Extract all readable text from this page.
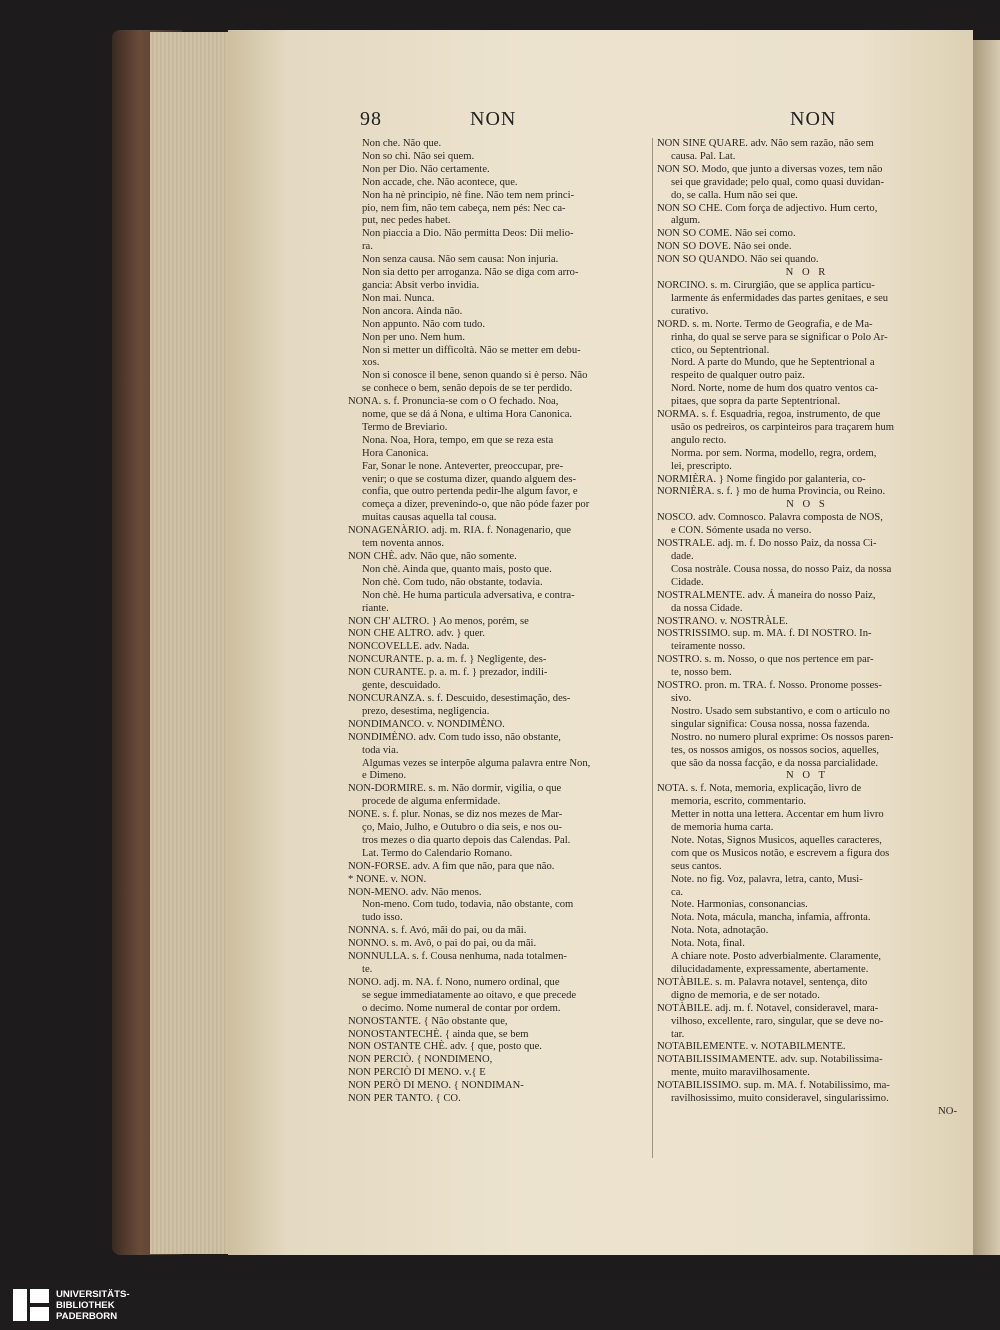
98	NON	NON
Non che. Não que.
Non so chi. Não sei quem.
Non per Dio. Não certamente.
Non accade, che. Não acontece, que.
Non ha nè principio, nè fine. Não tem nem princi-
pio, nem fim, não tem cabeça, nem pés: Nec ca-
put, nec pedes habet.
Non piaccia a Dio. Não permitta Deos: Dii melio-
ra.
Non senza causa. Não sem causa: Non injuria.
Non sia detto per arroganza. Não se diga com arro-
gancia: Absit verbo invidia.
Non mai. Nunca.
Non ancora. Ainda não.
Non appunto. Não com tudo.
Non per uno. Nem hum.
Non si metter un difficoltà. Não se metter em debu-
xos.
Non si conosce il bene, senon quando si è perso. Não
se conhece o bem, senão depois de se ter perdido.
NONA. s. f. Pronuncia-se com o O fechado. Noa,
nome, que se dá á Nona, e ultima Hora Canonica.
Termo de Breviario.
Nona. Noa, Hora, tempo, em que se reza esta
Hora Canonica.
Far, Sonar le none. Anteverter, preoccupar, pre-
venir; o que se costuma dizer, quando alguem des-
confia, que outro pertenda pedir-lhe algum favor, e
começa a dizer, prevenindo-o, que não póde fazer por
muitas causas aquella tal cousa.
NONAGENÀRIO. adj. m. RIA. f. Nonagenario, que
tem noventa annos.
NON CHÈ. adv. Não que, não somente.
Non chè. Ainda que, quanto mais, posto que.
Non chè. Com tudo, não obstante, todavia.
Non chè. He huma particula adversativa, e contra-
riante.
NON CH' ALTRO. } Ao menos, porém, se
NON CHE ALTRO. adv. } quer.
NONCOVELLE. adv. Nada.
NONCURANTE. p. a. m. f. } Negligente, des-
NON CURANTE. p. a. m. f. } prezador, indili-
gente, descuidado.
NONCURANZA. s. f. Descuido, desestimação, des-
prezo, desestima, negligencia.
NONDIMANCO. v. NONDIMÈNO.
NONDIMÈNO. adv. Com tudo isso, não obstante,
toda via.
Algumas vezes se interpõe alguma palavra entre Non,
e Dimeno.
NON-DORMIRE. s. m. Não dormir, vigilia, o que
procede de alguma enfermidade.
NONE. s. f. plur. Nonas, se diz nos mezes de Mar-
ço, Maio, Julho, e Outubro o dia seis, e nos ou-
tros mezes o dia quarto depois das Calendas. Pal.
Lat. Termo do Calendario Romano.
NON-FORSE. adv. A fim que não, para que não.
* NONE. v. NON.
NON-MENO. adv. Não menos.
Non-meno. Com tudo, todavia, não obstante, com
tudo isso.
NONNA. s. f. Avó, mãi do pai, ou da mãi.
NONNO. s. m. Avô, o pai do pai, ou da mãi.
NONNULLA. s. f. Cousa nenhuma, nada totalmen-
te.
NONO. adj. m. NA. f. Nono, numero ordinal, que
se segue immediatamente ao oitavo, e que precede
o decimo. Nome numeral de contar por ordem.
NONOSTANTE. { Não obstante que,
NONOSTANTECHÈ. { ainda que, se bem
NON OSTANTE CHÈ. adv. { que, posto que.
NON PERCIÒ. { NONDIMENO,
NON PERCIÒ DI MENO. v.{ E
NON PERÒ DI MENO. { NONDIMAN-
NON PER TANTO. { CO.
NON SINE QUARE. adv. Não sem razão, não sem
causa. Pal. Lat.
NON SO. Modo, que junto a diversas vozes, tem não
sei que gravidade; pelo qual, como quasi duvidan-
do, se calla. Hum não sei que.
NON SO CHE. Com força de adjectivo. Hum certo,
algum.
NON SO COME. Não sei como.
NON SO DOVE. Não sei onde.
NON SO QUANDO. Não sei quando.
N O R
NORCINO. s. m. Cirurgião, que se applica particu-
larmente ás enfermidades das partes genitaes, e seu
curativo.
NORD. s. m. Norte. Termo de Geografia, e de Ma-
rinha, do qual se serve para se significar o Polo Ar-
ctico, ou Septentrional.
Nord. A parte do Mundo, que he Septentrional a
respeito de qualquer outro paiz.
Nord. Norte, nome de hum dos quatro ventos ca-
pitaes, que sopra da parte Septentrional.
NORMA. s. f. Esquadria, regoa, instrumento, de que
usão os pedreiros, os carpinteiros para traçarem hum
angulo recto.
Norma. por sem. Norma, modello, regra, ordem,
lei, prescripto.
NORMIÈRA. } Nome fingido por galanteria, co-
NORNIÈRA. s. f. } mo de huma Provincia, ou Reino.
N O S
NOSCO. adv. Comnosco. Palavra composta de NOS,
e CON. Sómente usada no verso.
NOSTRALE. adj. m. f. Do nosso Paiz, da nossa Ci-
dade.
Cosa nostràle. Cousa nossa, do nosso Paiz, da nossa
Cidade.
NOSTRALMENTE. adv. Á maneira do nosso Paiz,
da nossa Cidade.
NOSTRANO. v. NOSTRÀLE.
NOSTRISSIMO. sup. m. MA. f. DI NOSTRO. In-
teiramente nosso.
NOSTRO. s. m. Nosso, o que nos pertence em par-
te, nosso bem.
NOSTRO. pron. m. TRA. f. Nosso. Pronome posses-
sivo.
Nostro. Usado sem substantivo, e com o articulo no
singular significa: Cousa nossa, nossa fazenda.
Nostro. no numero plural exprime: Os nossos paren-
tes, os nossos amigos, os nossos socios, aquelles,
que são da nossa facção, e da nossa parcialidade.
N O T
NOTA. s. f. Nota, memoria, explicação, livro de
memoria, escrito, commentario.
Metter in notta una lettera. Accentar em hum livro
de memoria huma carta.
Note. Notas, Signos Musicos, aquelles caracteres,
com que os Musicos notão, e escrevem a figura dos
seus cantos.
Note. no fig. Voz, palavra, letra, canto, Musi-
ca.
Note. Harmonias, consonancias.
Nota. Nota, mácula, mancha, infamia, affronta.
Nota. Nota, adnotação.
Nota. Nota, final.
A chiare note. Posto adverbialmente. Claramente,
dilucidadamente, expressamente, abertamente.
NOTÀBILE. s. m. Palavra notavel, sentença, dito
digno de memoria, e de ser notado.
NOTÀBILE. adj. m. f. Notavel, consideravel, mara-
vilhoso, excellente, raro, singular, que se deve no-
tar.
NOTABILEMENTE. v. NOTABILMENTE.
NOTABILISSIMAMENTE. adv. sup. Notabilissima-
mente, muito maravilhosamente.
NOTABILISSIMO. sup. m. MA. f. Notabilissimo, ma-
ravilhosissimo, muito consideravel, singularissimo.
NO-
UNIVERSITÄTS-
BIBLIOTHEK
PADERBORN
